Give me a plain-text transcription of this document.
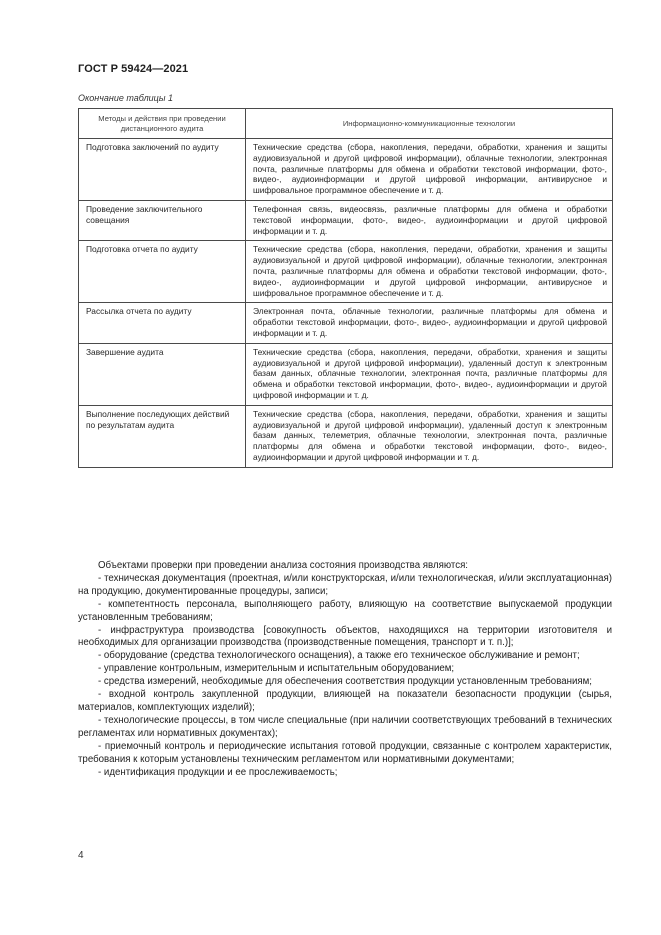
ГОСТ Р 59424—2021
Окончание таблицы 1
Методы и действия при проведении дистанционного аудита	Информационно-коммуникационные технологии
Подготовка заключений по аудиту	Технические средства (сбора, накопления, передачи, обработки, хранения и защиты аудиовизуальной и другой цифровой информации), облачные технологии, электронная почта, различные платформы для обмена и обработки текстовой информации, фото-, видео-, аудиоинформации и другой цифровой информации, антивирусное и шифровальное программное обеспечение и т. д.
Проведение заключительного совещания	Телефонная связь, видеосвязь, различные платформы для обмена и обработки текстовой информации, фото-, видео-, аудиоинформации и другой цифровой информации и т. д.
Подготовка отчета по аудиту	Технические средства (сбора, накопления, передачи, обработки, хранения и защиты аудиовизуальной и другой цифровой информации), облачные технологии, электронная почта, различные платформы для обмена и обработки текстовой информации, фото-, видео-, аудиоинформации и другой цифровой информации, антивирусное и шифровальное программное обеспечение и т. д.
Рассылка отчета по аудиту	Электронная почта, облачные технологии, различные платформы для обмена и обработки текстовой информации, фото-, видео-, аудиоинформации и другой цифровой информации и т. д.
Завершение аудита	Технические средства (сбора, накопления, передачи, обработки, хранения и защиты аудиовизуальной и другой цифровой информации), удаленный доступ к электронным базам данных, облачные технологии, электронная почта, различные платформы для обмена и обработки текстовой информации, фото-, видео-, аудиоинформации и другой цифровой информации и т. д.
Выполнение последующих действий по результатам аудита	Технические средства (сбора, накопления, передачи, обработки, хранения и защиты аудиовизуальной и другой цифровой информации), удаленный доступ к электронным базам данных, телеметрия, облачные технологии, электронная почта, различные платформы для обмена и обработки текстовой информации, фото-, видео-, аудиоинформации и другой цифровой информации и т. д.

Объектами проверки при проведении анализа состояния производства являются:

- техническая документация (проектная, и/или конструкторская, и/или технологическая, и/или эксплуатационная) на продукцию, документированные процедуры, записи;

- компетентность персонала, выполняющего работу, влияющую на соответствие выпускаемой продукции установленным требованиям;

- инфраструктура производства [совокупность объектов, находящихся на территории изготовителя и необходимых для организации производства (производственные помещения, транспорт и т. п.)];

- оборудование (средства технологического оснащения), а также его техническое обслуживание и ремонт;

- управление контрольным, измерительным и испытательным оборудованием;

- средства измерений, необходимые для обеспечения соответствия продукции установленным требованиям;

- входной контроль закупленной продукции, влияющей на показатели безопасности продукции (сырья, материалов, комплектующих изделий);

- технологические процессы, в том числе специальные (при наличии соответствующих требований в технических регламентах или нормативных документах);

- приемочный контроль и периодические испытания готовой продукции, связанные с контролем характеристик, требования к которым установлены техническим регламентом или нормативными документами;

- идентификация продукции и ее прослеживаемость;

4
